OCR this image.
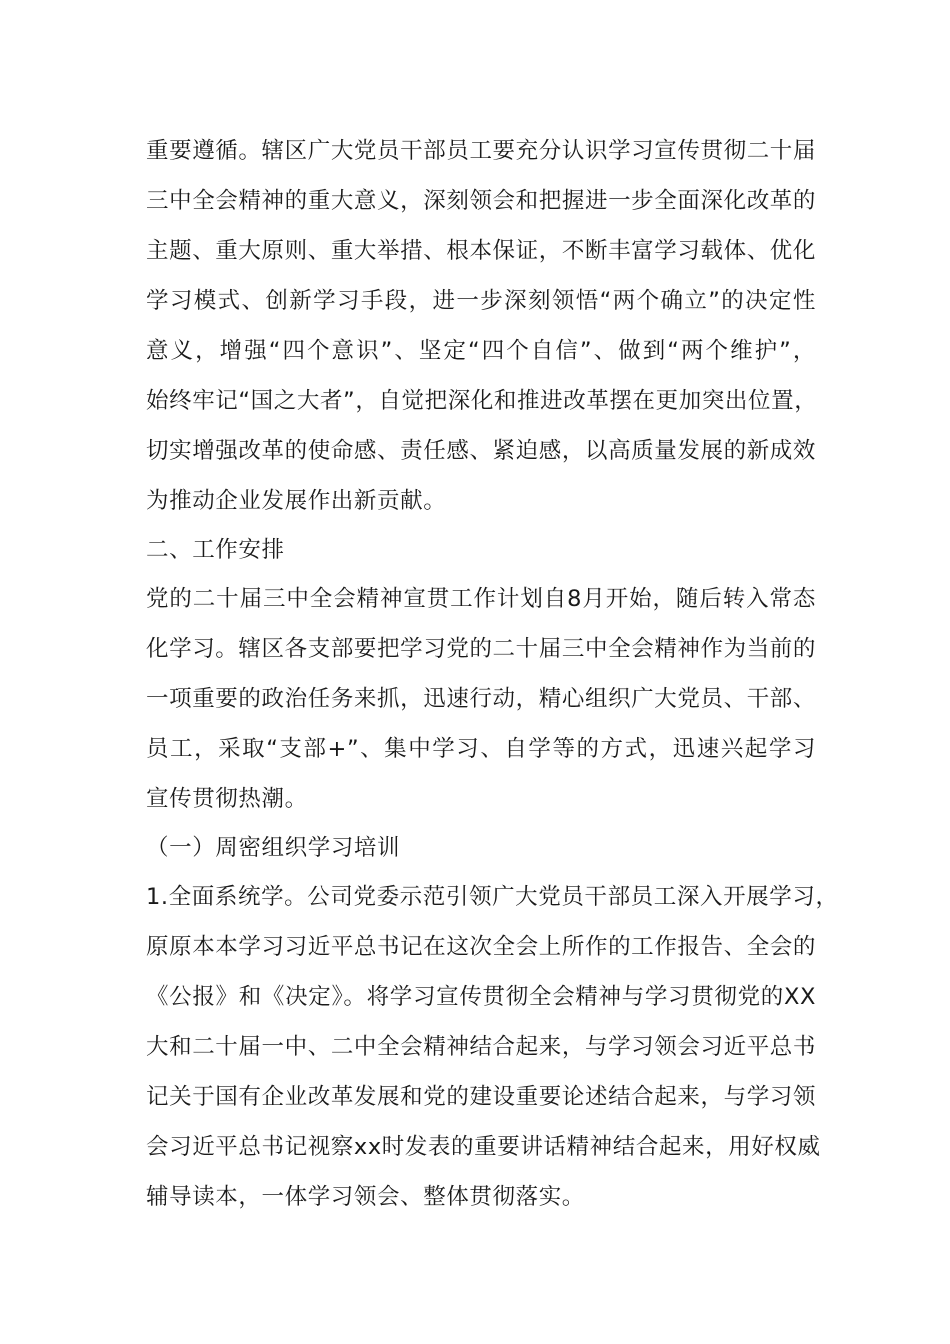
重要遵循。辖区广大党员干部员工要充分认识学习宣传贯彻二十届
三中全会精神的重大意义，深刻领会和把握进一步全面深化改革的
主题、重大原则、重大举措、根本保证，不断丰富学习载体、优化
学习模式、创新学习手段，进一步深刻领悟“两个确立”的决定性
意义，增强“四个意识”、坚定“四个自信”、做到“两个维护”，
始终牢记“国之大者”，自觉把深化和推进改革摆在更加突出位置，
切实增强改革的使命感、责任感、紧迫感，以高质量发展的新成效
为推动企业发展作出新贡献。
二、工作安排
党的二十届三中全会精神宣贯工作计划自8月开始，随后转入常态
化学习。辖区各支部要把学习党的二十届三中全会精神作为当前的
一项重要的政治任务来抓，迅速行动，精心组织广大党员、干部、
员工，采取“支部+”、集中学习、自学等的方式，迅速兴起学习
宣传贯彻热潮。
（一）周密组织学习培训
1.全面系统学。公司党委示范引领广大党员干部员工深入开展学习，
原原本本学习习近平总书记在这次全会上所作的工作报告、全会的
《公报》和《决定》。将学习宣传贯彻全会精神与学习贯彻党的XX
大和二十届一中、二中全会精神结合起来，与学习领会习近平总书
记关于国有企业改革发展和党的建设重要论述结合起来，与学习领
会习近平总书记视察xx时发表的重要讲话精神结合起来，用好权威
辅导读本，一体学习领会、整体贯彻落实。
